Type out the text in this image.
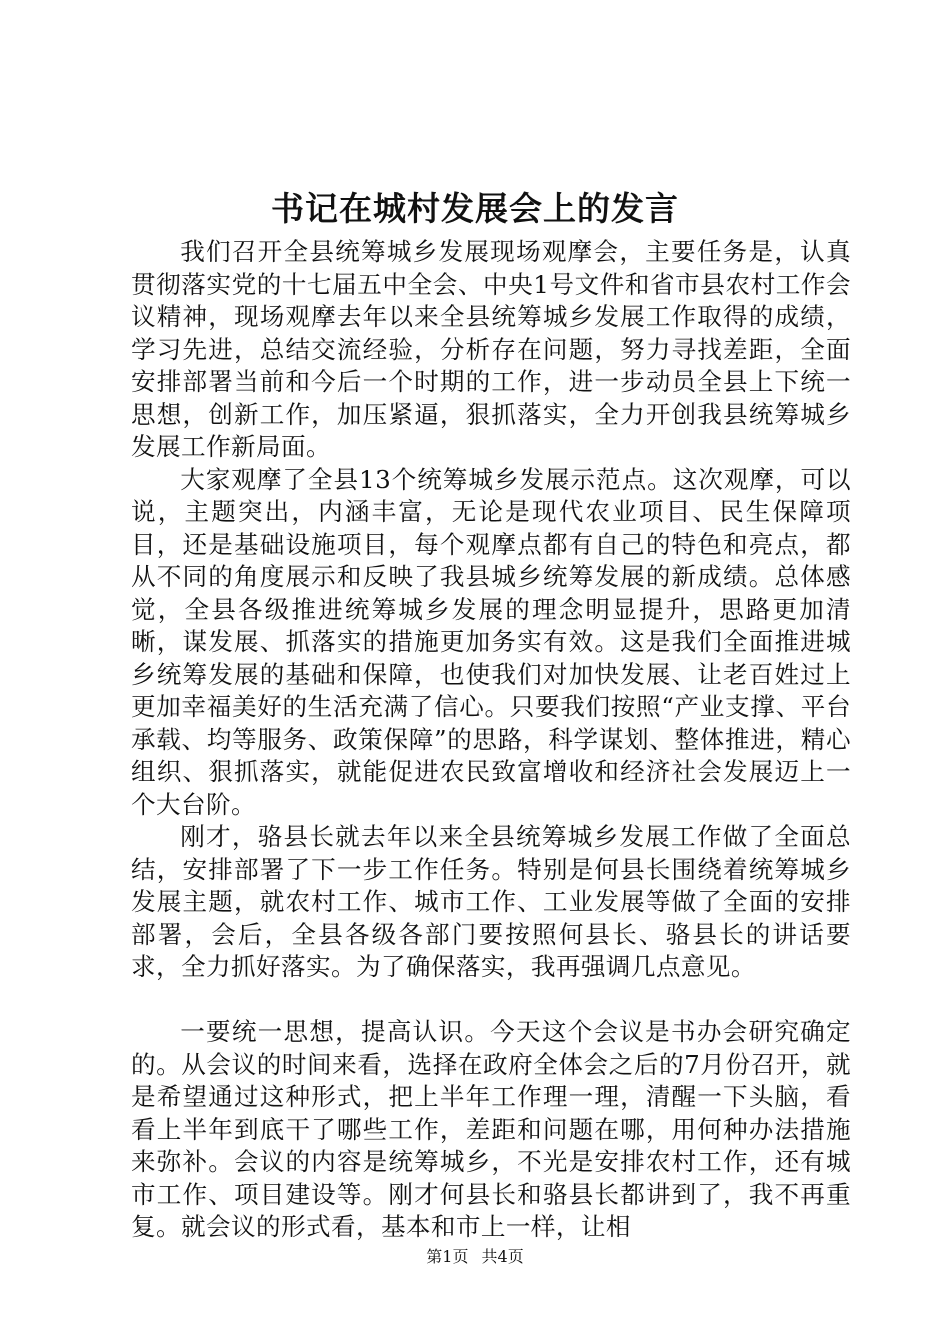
书记在城村发展会上的发言

我们召开全县统筹城乡发展现场观摩会，主要任务是，认真贯彻落实党的十七届五中全会、中央1号文件和省市县农村工作会议精神，现场观摩去年以来全县统筹城乡发展工作取得的成绩，学习先进，总结交流经验，分析存在问题，努力寻找差距，全面安排部署当前和今后一个时期的工作，进一步动员全县上下统一思想，创新工作，加压紧逼，狠抓落实，全力开创我县统筹城乡发展工作新局面。

大家观摩了全县13个统筹城乡发展示范点。这次观摩，可以说，主题突出，内涵丰富，无论是现代农业项目、民生保障项目，还是基础设施项目，每个观摩点都有自己的特色和亮点，都从不同的角度展示和反映了我县城乡统筹发展的新成绩。总体感觉，全县各级推进统筹城乡发展的理念明显提升，思路更加清晰，谋发展、抓落实的措施更加务实有效。这是我们全面推进城乡统筹发展的基础和保障，也使我们对加快发展、让老百姓过上更加幸福美好的生活充满了信心。只要我们按照“产业支撑、平台承载、均等服务、政策保障”的思路，科学谋划、整体推进，精心组织、狠抓落实，就能促进农民致富增收和经济社会发展迈上一个大台阶。

刚才，骆县长就去年以来全县统筹城乡发展工作做了全面总结，安排部署了下一步工作任务。特别是何县长围绕着统筹城乡发展主题，就农村工作、城市工作、工业发展等做了全面的安排部署，会后，全县各级各部门要按照何县长、骆县长的讲话要求，全力抓好落实。为了确保落实，我再强调几点意见。

一要统一思想，提高认识。今天这个会议是书办会研究确定的。从会议的时间来看，选择在政府全体会之后的7月份召开，就是希望通过这种形式，把上半年工作理一理，清醒一下头脑，看看上半年到底干了哪些工作，差距和问题在哪，用何种办法措施来弥补。会议的内容是统筹城乡，不光是安排农村工作，还有城市工作、项目建设等。刚才何县长和骆县长都讲到了，我不再重复。就会议的形式看，基本和市上一样，让相

第1页 共4页
